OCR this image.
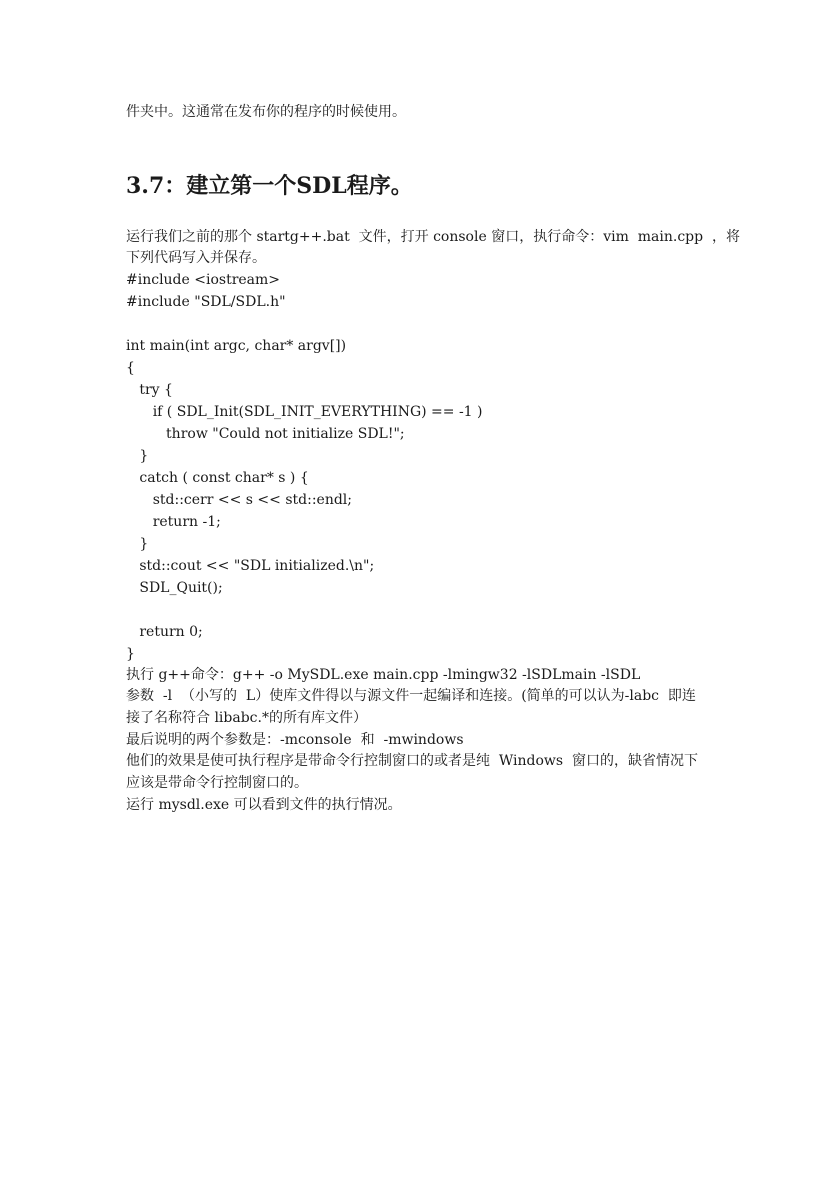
件夹中。这通常在发布你的程序的时候使用。
3.7：建立第一个SDL程序。
运行我们之前的那个 startg++.bat  文件，打开 console 窗口，执行命令：vim  main.cpp  ，将
下列代码写入并保存。
#include <iostream>
#include "SDL/SDL.h"
int main(int argc, char* argv[])
{
try {
if ( SDL_Init(SDL_INIT_EVERYTHING) == -1 )
throw "Could not initialize SDL!";
}
catch ( const char* s ) {
std::cerr << s << std::endl;
return -1;
}
std::cout << "SDL initialized.\n";
SDL_Quit();
return 0;
}
执行 g++命令：g++ -o MySDL.exe main.cpp -lmingw32 -lSDLmain -lSDL
参数  -l  （小写的  L）使库文件得以与源文件一起编译和连接。(简单的可以认为-labc  即连
接了名称符合 libabc.*的所有库文件）
最后说明的两个参数是：-mconsole  和  -mwindows
他们的效果是使可执行程序是带命令行控制窗口的或者是纯  Windows  窗口的，缺省情况下
应该是带命令行控制窗口的。
运行 mysdl.exe 可以看到文件的执行情况。
